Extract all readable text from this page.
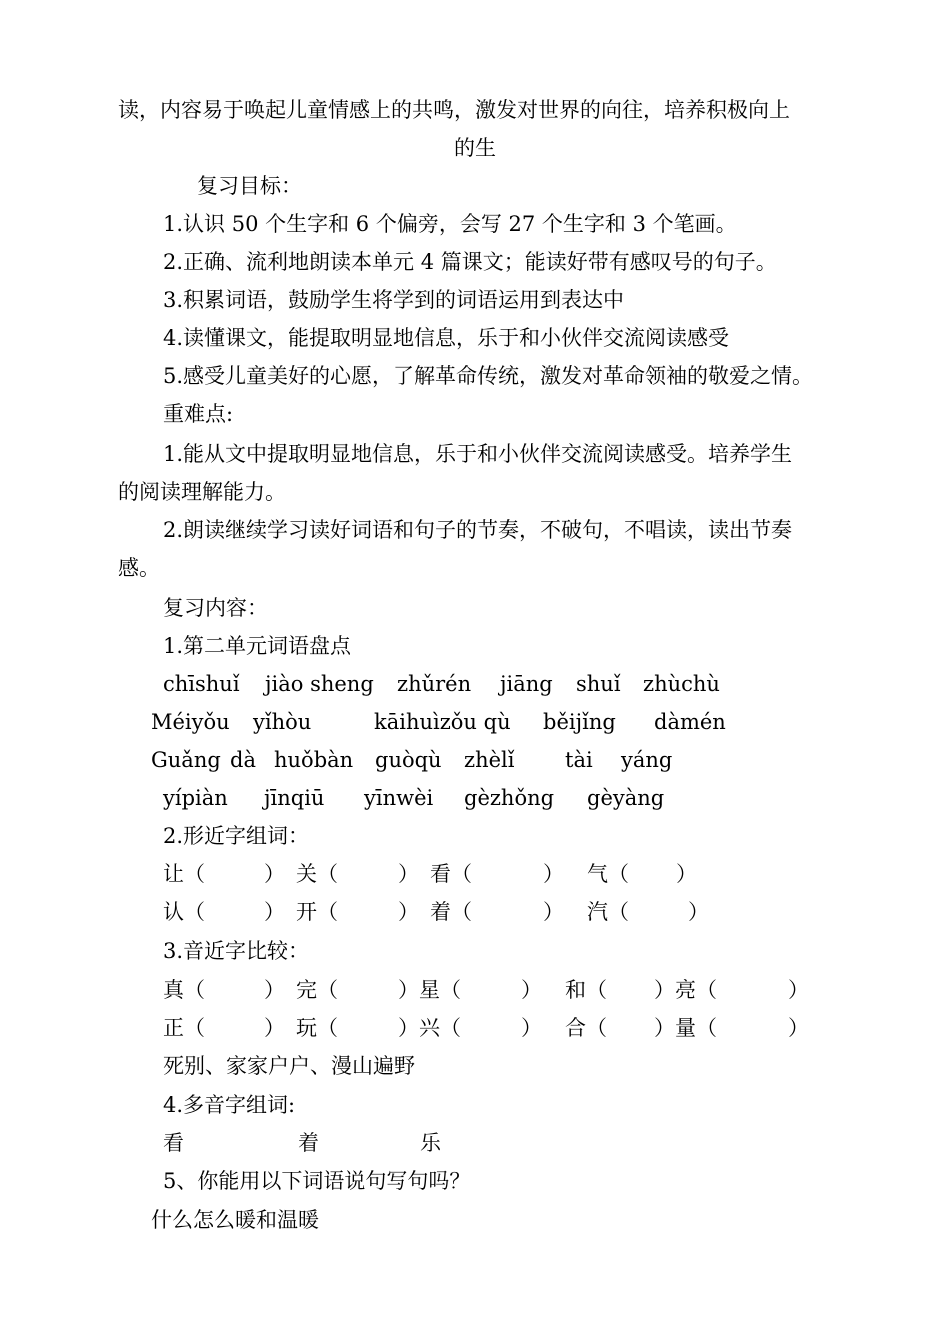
读，内容易于唤起儿童情感上的共鸣，激发对世界的向往，培养积极向上

的生

复习目标：

1.认识 50 个生字和 6 个偏旁，会写 27 个生字和 3 个笔画。

2.正确、流利地朗读本单元 4 篇课文；能读好带有感叹号的句子。

3.积累词语，鼓励学生将学到的词语运用到表达中

4.读懂课文，能提取明显地信息，乐于和小伙伴交流阅读感受

5.感受儿童美好的心愿，了解革命传统，激发对革命领袖的敬爱之情。

重难点:

1.能从文中提取明显地信息，乐于和小伙伴交流阅读感受。培养学生

的阅读理解能力。

2.朗读继续学习读好词语和句子的节奏，不破句，不唱读，读出节奏

感。

复习内容：

1.第二单元词语盘点

chīshuǐ jiào sheng zhǔrén jiāng shuǐ zhùchù
Méiyǒu yǐhòu	kāihuìzǒu qù běijǐng dàmén
Guǎng dà huǒbàn guòqù zhèlǐ tài yáng
yípiàn jīnqiū yīnwèi gèzhǒng gèyàng

2.形近字组词：

让（	） 关（	） 看（	） 气（ ）
认（	） 开（	） 着（	） 汽（	）

3.音近字比较：

真（	） 完（	）星（	） 和（ ）亮（	）
正（	） 玩（	）兴（	） 合（ ）量（	）

死别、家家户户、漫山遍野

4.多音字组词:

看	着	乐

5、你能用以下词语说句写句吗？

什么怎么暖和温暖
